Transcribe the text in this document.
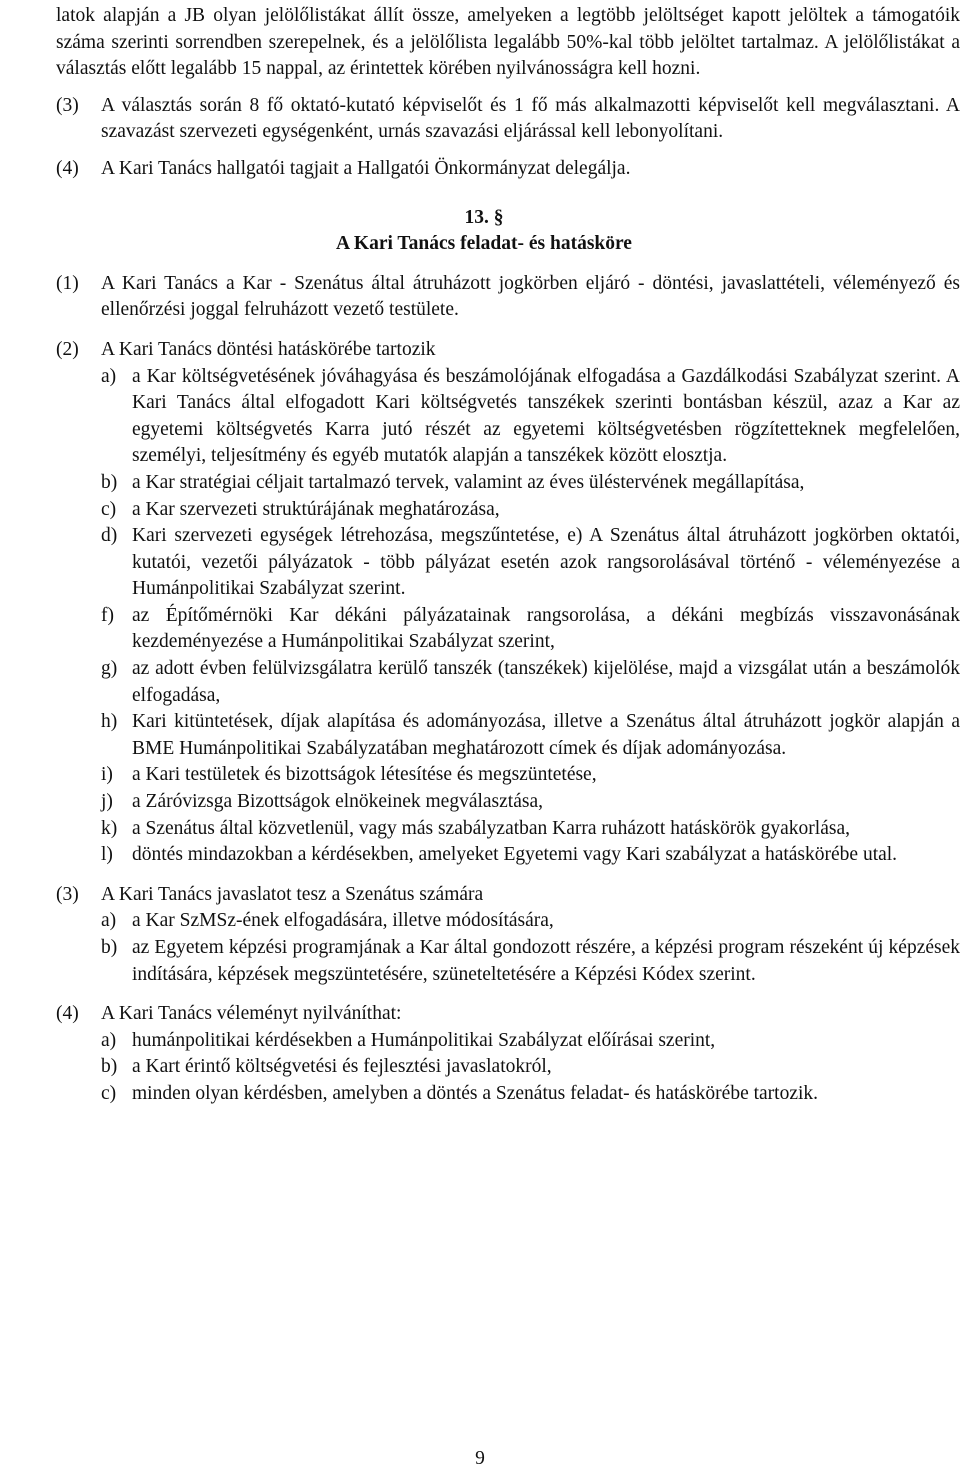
latok alapján a JB olyan jelölőlistákat állít össze, amelyeken a legtöbb jelöltséget kapott jelöltek a támogatóik száma szerinti sorrendben szerepelnek, és a jelölőlista legalább 50%-kal több jelöltet tartalmaz. A jelölőlistákat a választás előtt legalább 15 nappal, az érintettek körében nyilvánosságra kell hozni.

(3) A választás során 8 fő oktató-kutató képviselőt és 1 fő más alkalmazotti képviselőt kell megválasztani. A szavazást szervezeti egységenként, urnás szavazási eljárással kell lebonyolítani.
(4) A Kari Tanács hallgatói tagjait a Hallgatói Önkormányzat delegálja.

13. §

A Kari Tanács feladat- és hatásköre

(1) A Kari Tanács a Kar - Szenátus által átruházott jogkörben eljáró - döntési, javaslattételi, véleményező és ellenőrzési joggal felruházott vezető testülete.
(2) A Kari Tanács döntési hatáskörébe tartozik
a) a Kar költségvetésének jóváhagyása és beszámolójának elfogadása a Gazdálkodási Szabályzat szerint. A Kari Tanács által elfogadott Kari költségvetés tanszékek szerinti bontásban készül, azaz a Kar az egyetemi költségvetés Karra jutó részét az egyetemi költségvetésben rögzítetteknek megfelelően, személyi, teljesítmény és egyéb mutatók alapján a tanszékek között elosztja.
b) a Kar stratégiai céljait tartalmazó tervek, valamint az éves üléstervének megállapítása,
c) a Kar szervezeti struktúrájának meghatározása,
d) Kari szervezeti egységek létrehozása, megszűntetése, e) A Szenátus által átruházott jogkörben oktatói, kutatói, vezetői pályázatok - több pályázat esetén azok rangsorolásával történő - véleményezése a Humánpolitikai Szabályzat szerint.
f) az Építőmérnöki Kar dékáni pályázatainak rangsorolása, a dékáni megbízás visszavonásának kezdeményezése a Humánpolitikai Szabályzat szerint,
g) az adott évben felülvizsgálatra kerülő tanszék (tanszékek) kijelölése, majd a vizsgálat után a beszámolók elfogadása,
h) Kari kitüntetések, díjak alapítása és adományozása, illetve a Szenátus által átruházott jogkör alapján a BME Humánpolitikai Szabályzatában meghatározott címek és díjak adományozása.
i) a Kari testületek és bizottságok létesítése és megszüntetése,
j) a Záróvizsga Bizottságok elnökeinek megválasztása,
k) a Szenátus által közvetlenül, vagy más szabályzatban Karra ruházott hatáskörök gyakorlása,
l) döntés mindazokban a kérdésekben, amelyeket Egyetemi vagy Kari szabályzat a hatáskörébe utal.
(3) A Kari Tanács javaslatot tesz a Szenátus számára
a) a Kar SzMSz-ének elfogadására, illetve módosítására,
b) az Egyetem képzési programjának a Kar által gondozott részére, a képzési program részeként új képzések indítására, képzések megszüntetésére, szüneteltetésére a Képzési Kódex szerint.
(4) A Kari Tanács véleményt nyilváníthat:
a) humánpolitikai kérdésekben a Humánpolitikai Szabályzat előírásai szerint,
b) a Kart érintő költségvetési és fejlesztési javaslatokról,
c) minden olyan kérdésben, amelyben a döntés a Szenátus feladat- és hatáskörébe tartozik.
9
